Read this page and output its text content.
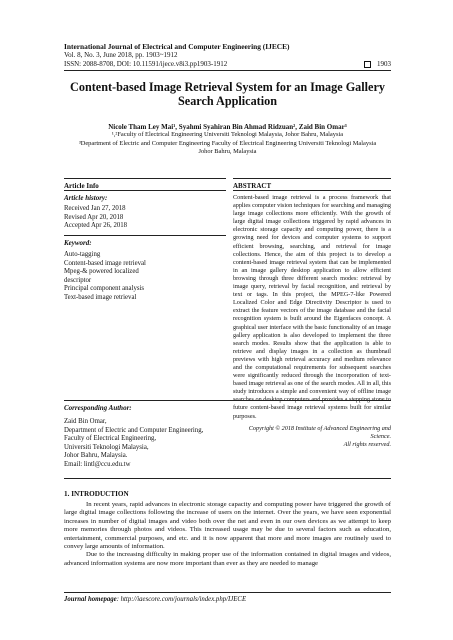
International Journal of Electrical and Computer Engineering (IJECE)
Vol. 8, No. 3, June 2018, pp. 1903~1912
ISSN: 2088-8708, DOI: 10.11591/ijece.v8i3.pp1903-1912	1903
Content-based Image Retrieval System for an Image Gallery Search Application
Nicole Tham Ley Mai¹, Syahmi Syahiran Bin Ahmad Ridzuan², Zaid Bin Omar³
¹,²Faculty of Electrical Engineering Universiti Teknologi Malaysia, Johor Bahru, Malaysia
³Department of Electric and Computer Engineering Faculty of Electrical Engineering Universiti Teknologi Malaysia
Johor Bahru, Malaysia
Article Info
Article history:
Received Jan 27, 2018
Revised Apr 20, 2018
Accepted Apr 26, 2018
Keyword:
Auto-tagging
Content-based image retrieval
Mpeg-& powered localized
descriptor
Principal component analysis
Text-based image retrieval
ABSTRACT
Content-based image retrieval is a process framework that applies computer vision techniques for searching and managing large image collections more efficiently. With the growth of large digital image collections triggered by rapid advances in electronic storage capacity and computing power, there is a growing need for devices and computer systems to support efficient browsing, searching, and retrieval for image collections. Hence, the aim of this project is to develop a content-based image retrieval system that can be implemented in an image gallery desktop application to allow efficient browsing through three different search modes: retrieval by image query, retrieval by facial recognition, and retrieval by text or tags. In this project, the MPEG-7-like Powered Localized Color and Edge Directivity Descriptor is used to extract the feature vectors of the image database and the facial recognition system is built around the Eigenfaces concept. A graphical user interface with the basic functionality of an image gallery application is also developed to implement the three search modes. Results show that the application is able to retrieve and display images in a collection as thumbnail previews with high retrieval accuracy and medium relevance and the computational requirements for subsequent searches were significantly reduced through the incorporation of text-based image retrieval as one of the search modes. All in all, this study introduces a simple and convenient way of offline image searches on desktop computers and provides a stepping stone to future content-based image retrieval systems built for similar purposes.
Copyright © 2018 Institute of Advanced Engineering and Science.
All rights reserved.
Corresponding Author:
Zaid Bin Omar,
Department of Electric and Computer Engineering,
Faculty of Electrical Engineering,
Universiti Teknologi Malaysia,
Johor Bahru, Malaysia.
Email: lintl@ccu.edu.tw
1. INTRODUCTION

In recent years, rapid advances in electronic storage capacity and computing power have triggered the growth of large digital image collections following the increase of users on the internet. Over the years, we have seen exponential increases in number of digital images and video both over the net and even in our own devices as we attempt to keep more memories through photos and videos. This increased usage may be due to several factors such as education, entertainment, commercial purposes, and etc. and it is now apparent that more and more images are routinely used to convey large amounts of information.

Due to the increasing difficulty in making proper use of the information contained in digital images and videos, advanced information systems are now more important than ever as they are needed to manage

Journal homepage: http://iaescore.com/journals/index.php/IJECE
